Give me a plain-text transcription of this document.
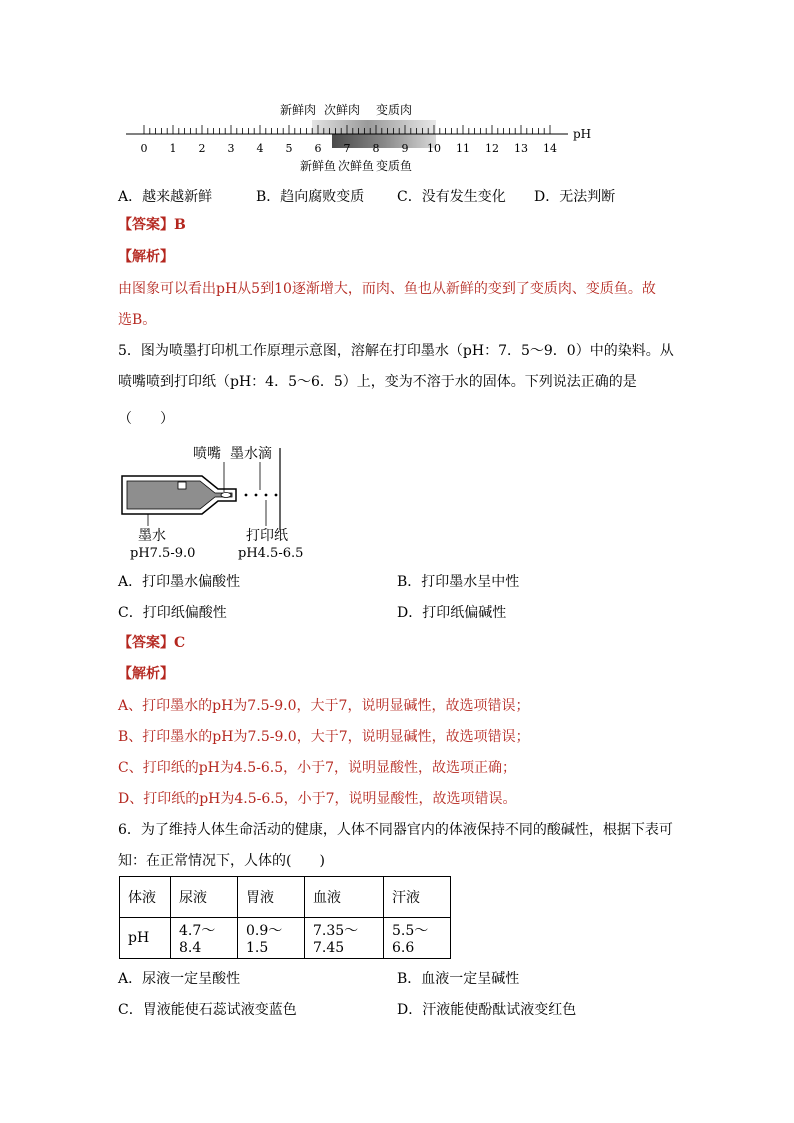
0 1 2 3 4 5 6 7 8 9 10 11 12 13 14
pH
新鲜肉 次鲜肉 变质肉
新鲜鱼 次鲜鱼 变质鱼
A．越来越新鲜	B．趋向腐败变质 C．没有发生变化 D．无法判断
【答案】B
【解析】
由图象可以看出pH从5到10逐渐增大，而肉、鱼也从新鲜的变到了变质肉、变质鱼。故
选B。
5．图为喷墨打印机工作原理示意图，溶解在打印墨水（pH：7．5～9．0）中的染料。从
喷嘴喷到打印纸（pH：4．5～6．5）上，变为不溶于水的固体。下列说法正确的是
（　　）
喷嘴 墨水滴
墨水
pH7.5-9.0
打印纸
pH4.5-6.5
A．打印墨水偏酸性	B．打印墨水呈中性
C．打印纸偏酸性	D．打印纸偏碱性
【答案】C
【解析】
A、打印墨水的pH为7.5-9.0，大于7，说明显碱性，故选项错误；
B、打印墨水的pH为7.5-9.0，大于7，说明显碱性，故选项错误；
C、打印纸的pH为4.5-6.5，小于7，说明显酸性，故选项正确；
D、打印纸的pH为4.5-6.5，小于7，说明显酸性，故选项错误。
6．为了维持人体生命活动的健康，人体不同器官内的体液保持不同的酸碱性，根据下表可
知：在正常情况下，人体的(　　)
体液	尿液	胃液	血液	汗液
pH	4.7～8.4	0.9～1.5	7.35～7.45	5.5～6.6
A．尿液一定呈酸性	B．血液一定呈碱性
C．胃液能使石蕊试液变蓝色	D．汗液能使酚酞试液变红色
